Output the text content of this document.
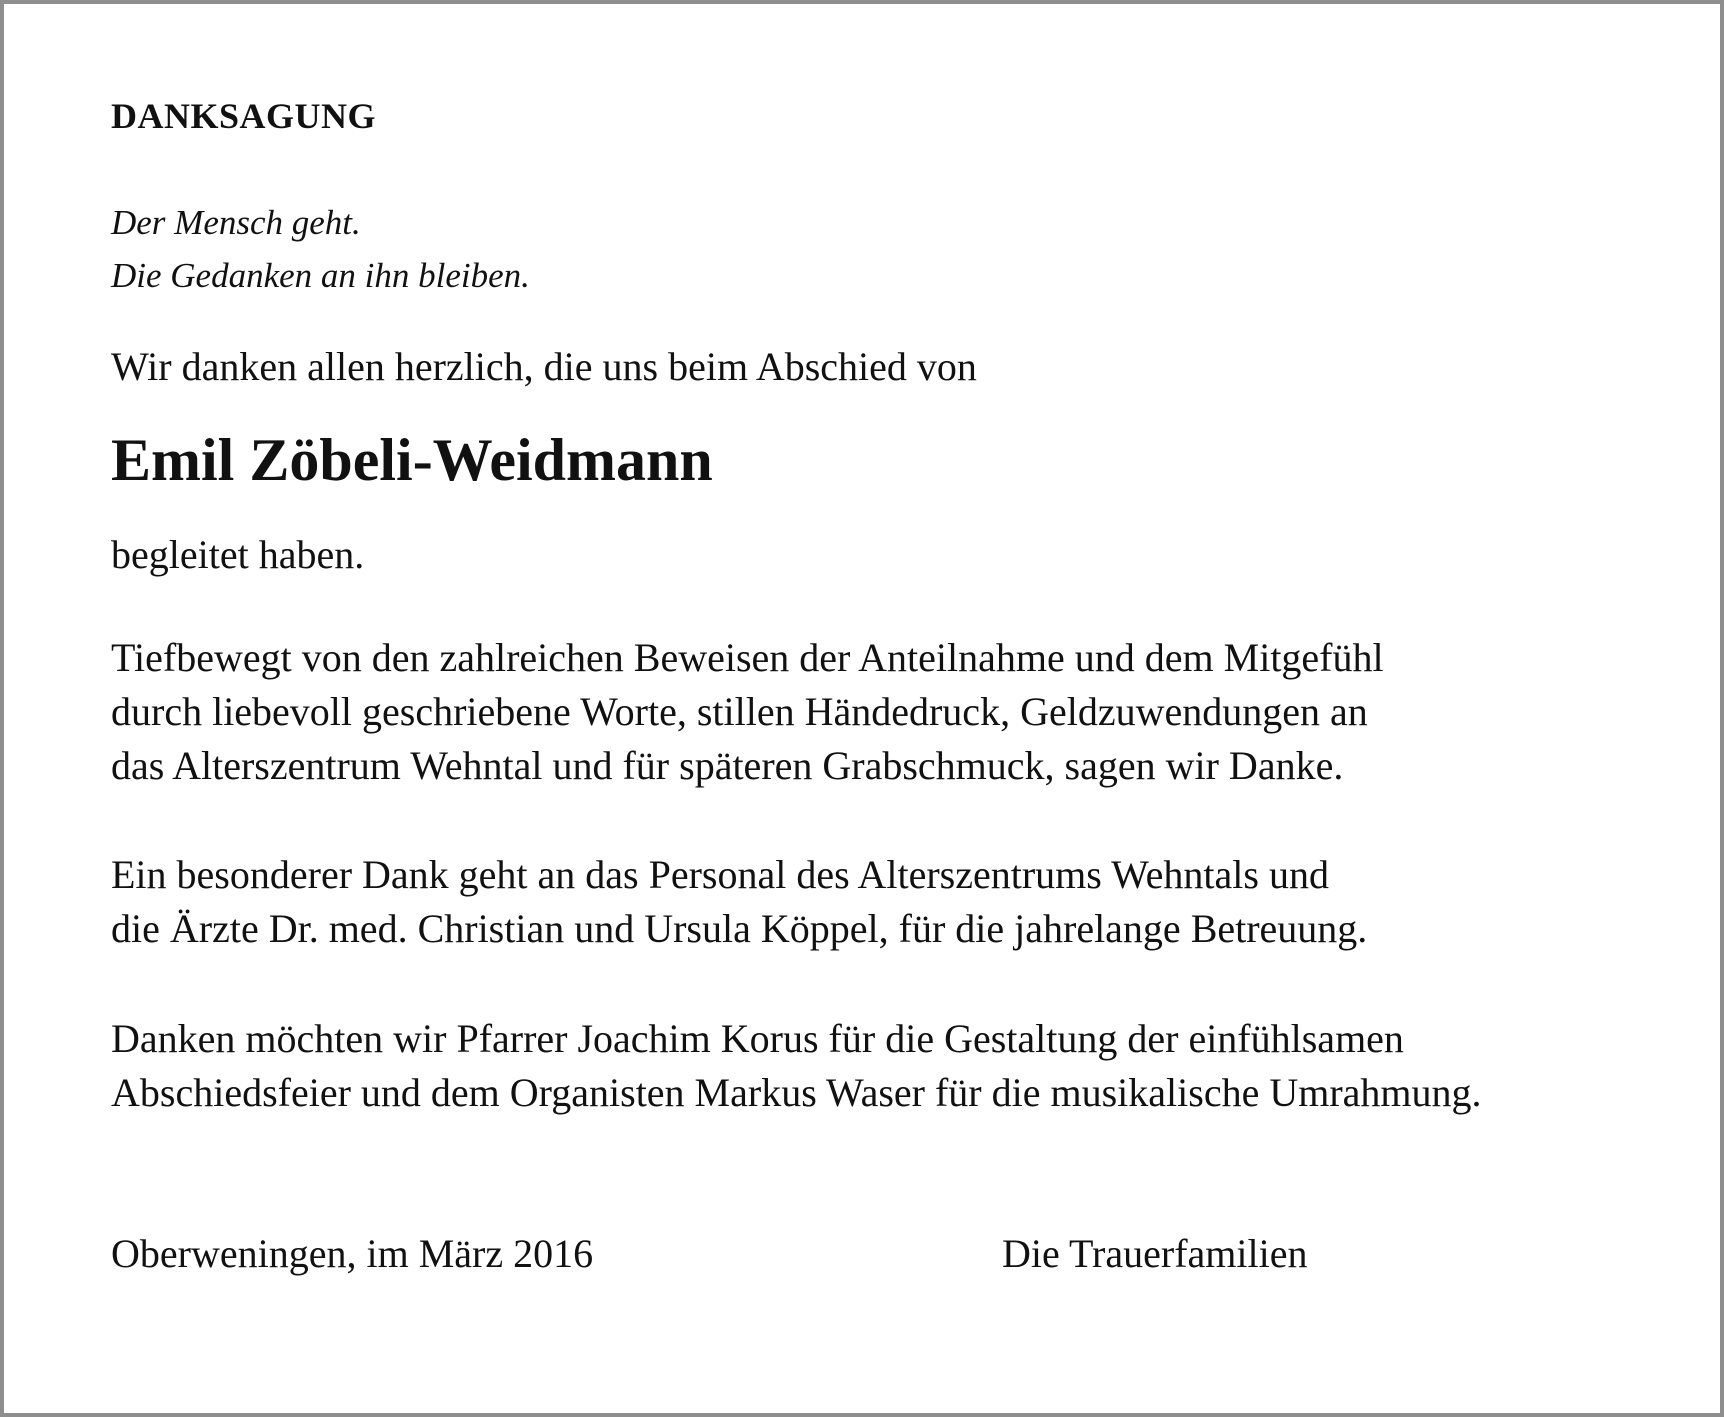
DANKSAGUNG
Der Mensch geht.
Die Gedanken an ihn bleiben.
Wir danken allen herzlich, die uns beim Abschied von
Emil Zöbeli-Weidmann
begleitet haben.
Tiefbewegt von den zahlreichen Beweisen der Anteilnahme und dem Mitgefühl
durch liebevoll geschriebene Worte, stillen Händedruck, Geldzuwendungen an
das Alterszentrum Wehntal und für späteren Grabschmuck, sagen wir Danke.
Ein besonderer Dank geht an das Personal des Alterszentrums Wehntals und
die Ärzte Dr. med. Christian und Ursula Köppel, für die jahrelange Betreuung.
Danken möchten wir Pfarrer Joachim Korus für die Gestaltung der einfühlsamen
Abschiedsfeier und dem Organisten Markus Waser für die musikalische Umrahmung.
Oberweningen, im März 2016	Die Trauerfamilien
